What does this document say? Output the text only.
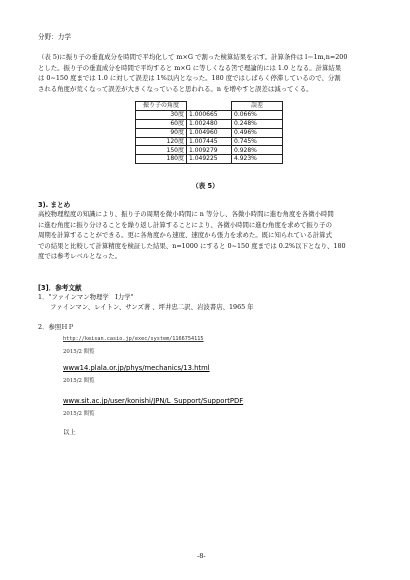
分野：力学
（表 5)に振り子の垂直成分を時間で平均化して m×G で割った検算結果を示す。計算条件は l＝1m,n=200
とした。振り子の垂直成分を時間で平均すると m×G に等しくなる筈で理論的には 1.0 となる。計算結果
は 0~150 度までは 1.0 に対して誤差は 1%以内となった。180 度ではしばらく停滞しているので、分割
される角度が荒くなって誤差が大きくなっていると思われる。n を増やすと誤差は減ってくる。
振り子の角度		誤差
30度	1.000665	0.066%
60度	1.002480	0.248%
90度	1.004960	0.496%
120度	1.007445	0.745%
150度	1.009279	0.928%
180度	1.049225	4.923%
（表 5）
3). まとめ
高校物理程度の知識により、振り子の周期を微小時間に n 等分し、各微小時間に進む角度を各微小時間
に進む角度に振り分けることを繰り返し計算することにより、各微小時間に進む角度を求めて振り子の
周期を計算することができる。更に各角度から速度、速度から張力を求めた。既に知られている計算式
での結果と比較して計算精度を検証した結果、n=1000 にすると 0~150 度までは 0.2%以下となり、180
度では参考レベルとなった。
[3]．参考文献
1．"ファインマン物理学　Ⅰ力学"
ファインマン、レイトン、サンズ著 、坪井忠二訳、岩波書店、1965 年
2．参照ＨＰ
http://keisan.casio.jp/exec/system/1166754115
2015/2 閲覧
www14.plala.or.jp/phys/mechanics/13.html
2015/2 閲覧
www.sit.ac.jp/user/konishi/JPN/L_Support/SupportPDF
2015/2 閲覧
以上
-8-
